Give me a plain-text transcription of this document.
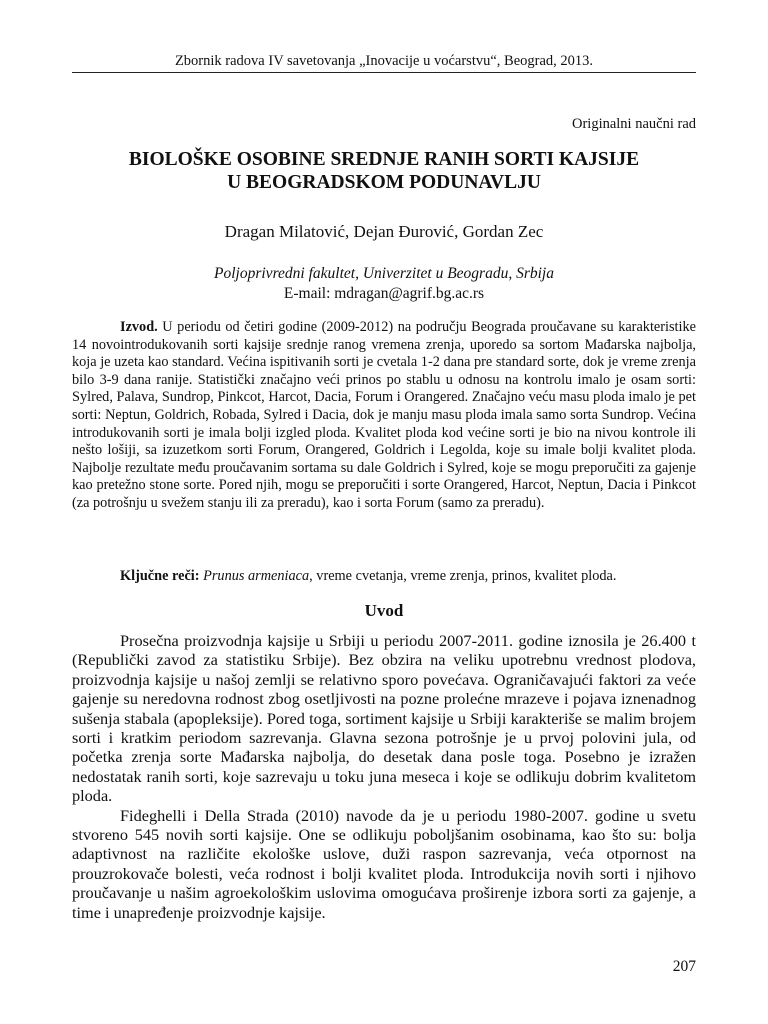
Zbornik radova IV savetovanja „Inovacije u voćarstvu“, Beograd, 2013.
Originalni naučni rad
BIOLOŠKE OSOBINE SREDNJE RANIH SORTI KAJSIJE
U BEOGRADSKOM PODUNAVLJU
Dragan Milatović, Dejan Đurović, Gordan Zec
Poljoprivredni fakultet, Univerzitet u Beogradu, Srbija
E-mail: mdragan@agrif.bg.ac.rs

Izvod. U periodu od četiri godine (2009-2012) na području Beograda proučavane su karakteristike 14 novointrodukovanih sorti kajsije srednje ranog vremena zrenja, uporedo sa sortom Mađarska najbolja, koja je uzeta kao standard. Većina ispitivanih sorti je cvetala 1-2 dana pre standard sorte, dok je vreme zrenja bilo 3-9 dana ranije. Statistički značajno veći prinos po stablu u odnosu na kontrolu imalo je osam sorti: Sylred, Palava, Sundrop, Pinkcot, Harcot, Dacia, Forum i Orangered. Značajno veću masu ploda imalo je pet sorti: Neptun, Goldrich, Robada, Sylred i Dacia, dok je manju masu ploda imala samo sorta Sundrop. Većina introdukovanih sorti je imala bolji izgled ploda. Kvalitet ploda kod većine sorti je bio na nivou kontrole ili nešto lošiji, sa izuzetkom sorti Forum, Orangered, Goldrich i Legolda, koje su imale bolji kvalitet ploda. Najbolje rezultate među proučavanim sortama su dale Goldrich i Sylred, koje se mogu preporučiti za gajenje kao pretežno stone sorte. Pored njih, mogu se preporučiti i sorte Orangered, Harcot, Neptun, Dacia i Pinkcot (za potrošnju u svežem stanju ili za preradu), kao i sorta Forum (samo za preradu).

Ključne reči: Prunus armeniaca, vreme cvetanja, vreme zrenja, prinos, kvalitet ploda.

Uvod

Prosečna proizvodnja kajsije u Srbiji u periodu 2007-2011. godine iznosila je 26.400 t (Republički zavod za statistiku Srbije). Bez obzira na veliku upotrebnu vrednost plodova, proizvodnja kajsije u našoj zemlji se relativno sporo povećava. Ograničavajući faktori za veće gajenje su neredovna rodnost zbog osetljivosti na pozne prolećne mrazeve i pojava iznenadnog sušenja stabala (apopleksije). Pored toga, sortiment kajsije u Srbiji karakteriše se malim brojem sorti i kratkim periodom sazrevanja. Glavna sezona potrošnje je u prvoj polovini jula, od početka zrenja sorte Mađarska najbolja, do desetak dana posle toga. Posebno je izražen nedostatak ranih sorti, koje sazrevaju u toku juna meseca i koje se odlikuju dobrim kvalitetom ploda.

Fideghelli i Della Strada (2010) navode da je u periodu 1980-2007. godine u svetu stvoreno 545 novih sorti kajsije. One se odlikuju poboljšanim osobinama, kao što su: bolja adaptivnost na različite ekološke uslove, duži raspon sazrevanja, veća otpornost na prouzrokovače bolesti, veća rodnost i bolji kvalitet ploda. Introdukcija novih sorti i njihovo proučavanje u našim agroekološkim uslovima omogućava proširenje izbora sorti za gajenje, a time i unapređenje proizvodnje kajsije.

207
